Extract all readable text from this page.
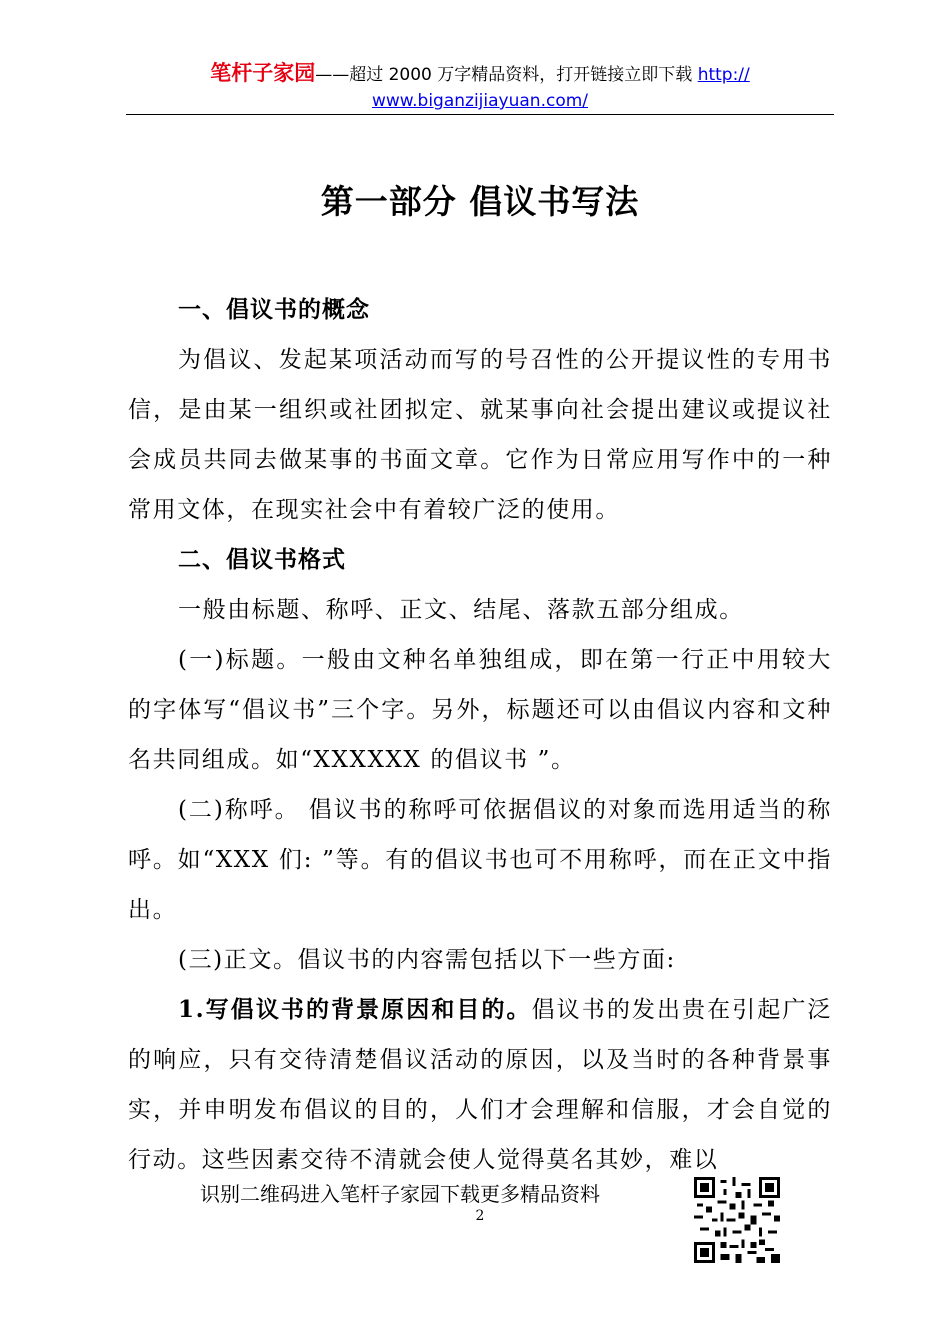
笔杆子家园——超过 2000 万字精品资料，打开链接立即下载 http://
www.biganzijiayuan.com/
第一部分 倡议书写法

一、倡议书的概念

为倡议、发起某项活动而写的号召性的公开提议性的专用书信，是由某一组织或社团拟定、就某事向社会提出建议或提议社会成员共同去做某事的书面文章。它作为日常应用写作中的一种常用文体，在现实社会中有着较广泛的使用。

二、倡议书格式

一般由标题、称呼、正文、结尾、落款五部分组成。

(一)标题。一般由文种名单独组成，即在第一行正中用较大的字体写“倡议书”三个字。另外，标题还可以由倡议内容和文种名共同组成。如“XXXXXX 的倡议书 ”。

(二)称呼。 倡议书的称呼可依据倡议的对象而选用适当的称呼。如“XXX 们: ”等。有的倡议书也可不用称呼，而在正文中指出。

(三)正文。倡议书的内容需包括以下一些方面:

1.写倡议书的背景原因和目的。倡议书的发出贵在引起广泛的响应，只有交待清楚倡议活动的原因，以及当时的各种背景事实，并申明发布倡议的目的，人们才会理解和信服，才会自觉的行动。这些因素交待不清就会使人觉得莫名其妙，难以

识别二维码进入笔杆子家园下载更多精品资料
2
